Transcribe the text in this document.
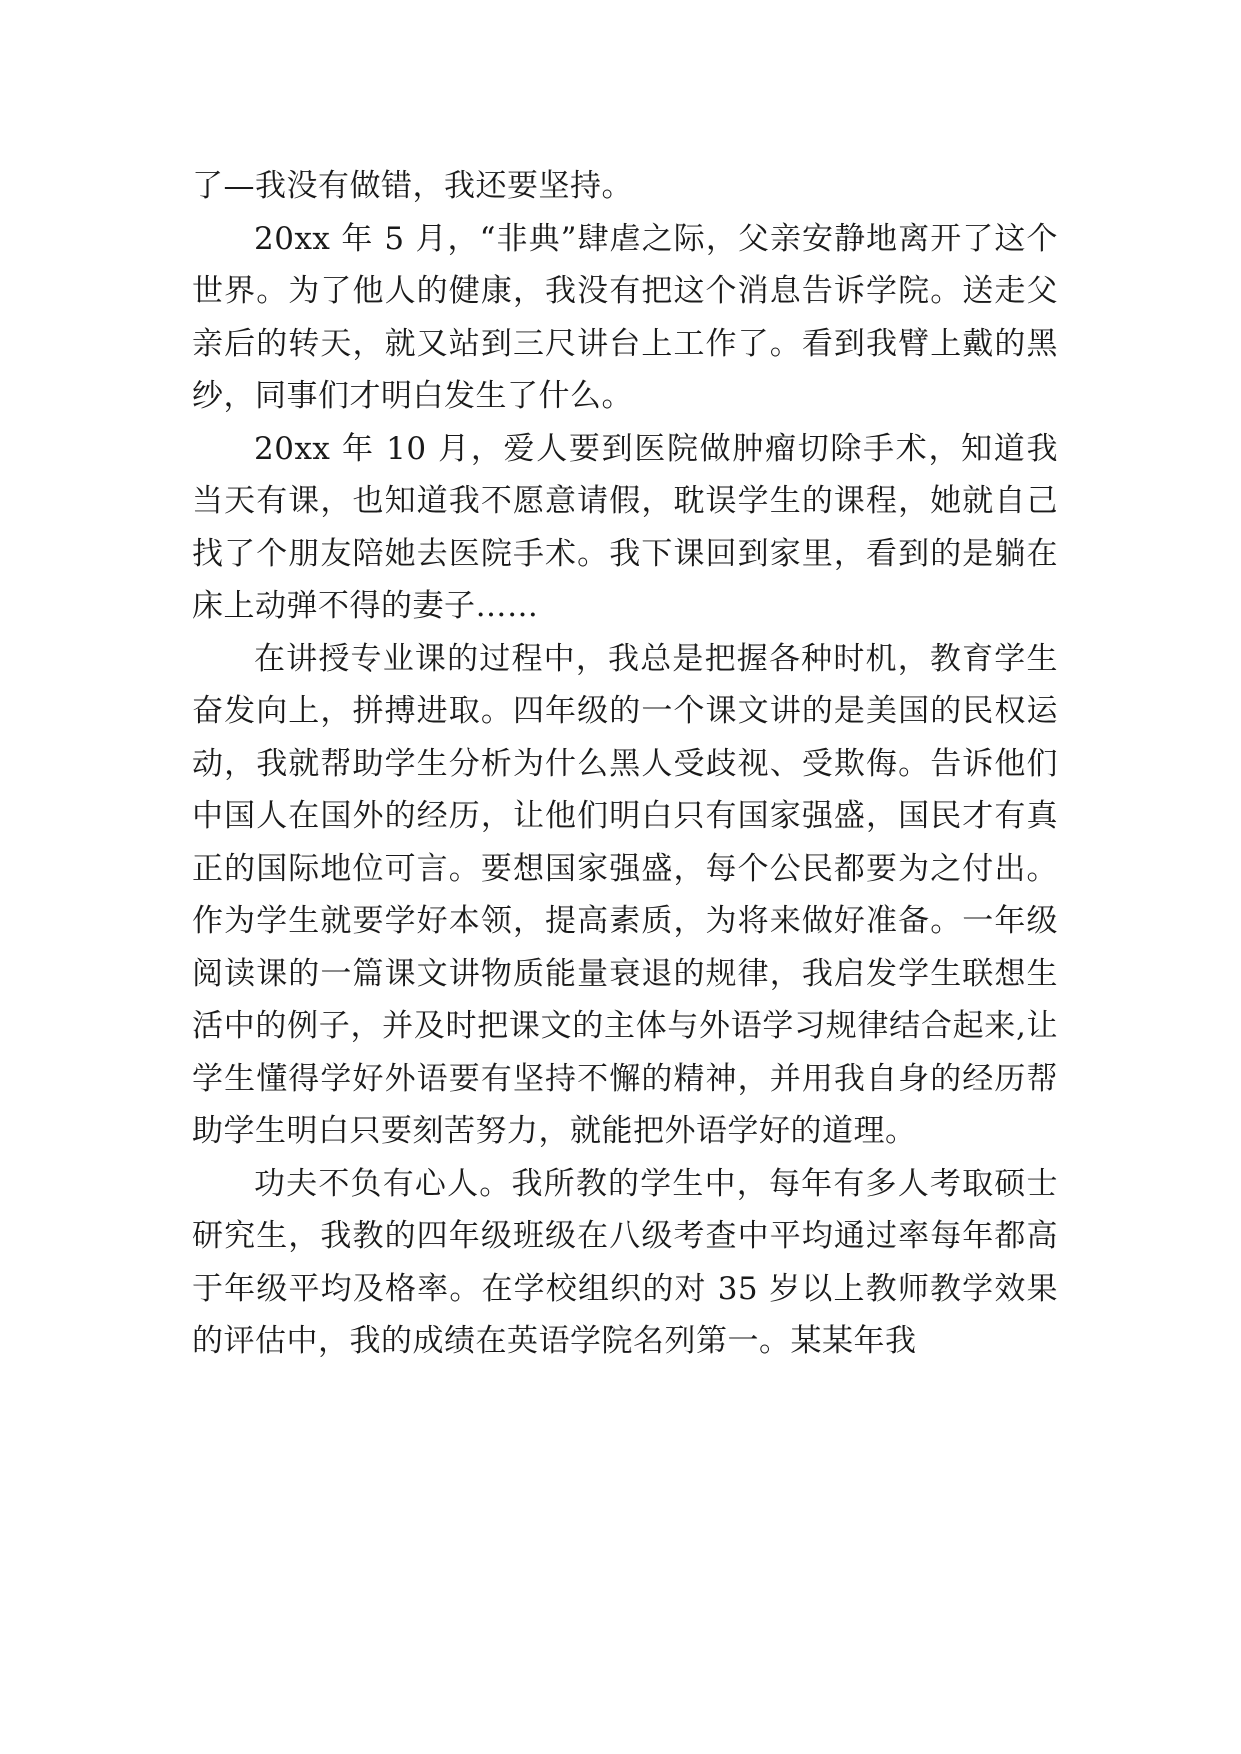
了—我没有做错，我还要坚持。

20xx 年 5 月，“非典”肆虐之际，父亲安静地离开了这个世界。为了他人的健康，我没有把这个消息告诉学院。送走父亲后的转天，就又站到三尺讲台上工作了。看到我臂上戴的黑纱，同事们才明白发生了什么。

20xx 年 10 月，爱人要到医院做肿瘤切除手术，知道我当天有课，也知道我不愿意请假，耽误学生的课程，她就自己找了个朋友陪她去医院手术。我下课回到家里，看到的是躺在床上动弹不得的妻子……

在讲授专业课的过程中，我总是把握各种时机，教育学生奋发向上，拼搏进取。四年级的一个课文讲的是美国的民权运动，我就帮助学生分析为什么黑人受歧视、受欺侮。告诉他们中国人在国外的经历，让他们明白只有国家强盛，国民才有真正的国际地位可言。要想国家强盛，每个公民都要为之付出。作为学生就要学好本领，提高素质，为将来做好准备。一年级阅读课的一篇课文讲物质能量衰退的规律，我启发学生联想生活中的例子，并及时把课文的主体与外语学习规律结合起来,让学生懂得学好外语要有坚持不懈的精神，并用我自身的经历帮助学生明白只要刻苦努力，就能把外语学好的道理。

功夫不负有心人。我所教的学生中，每年有多人考取硕士研究生，我教的四年级班级在八级考查中平均通过率每年都高于年级平均及格率。在学校组织的对 35 岁以上教师教学效果的评估中，我的成绩在英语学院名列第一。某某年我
